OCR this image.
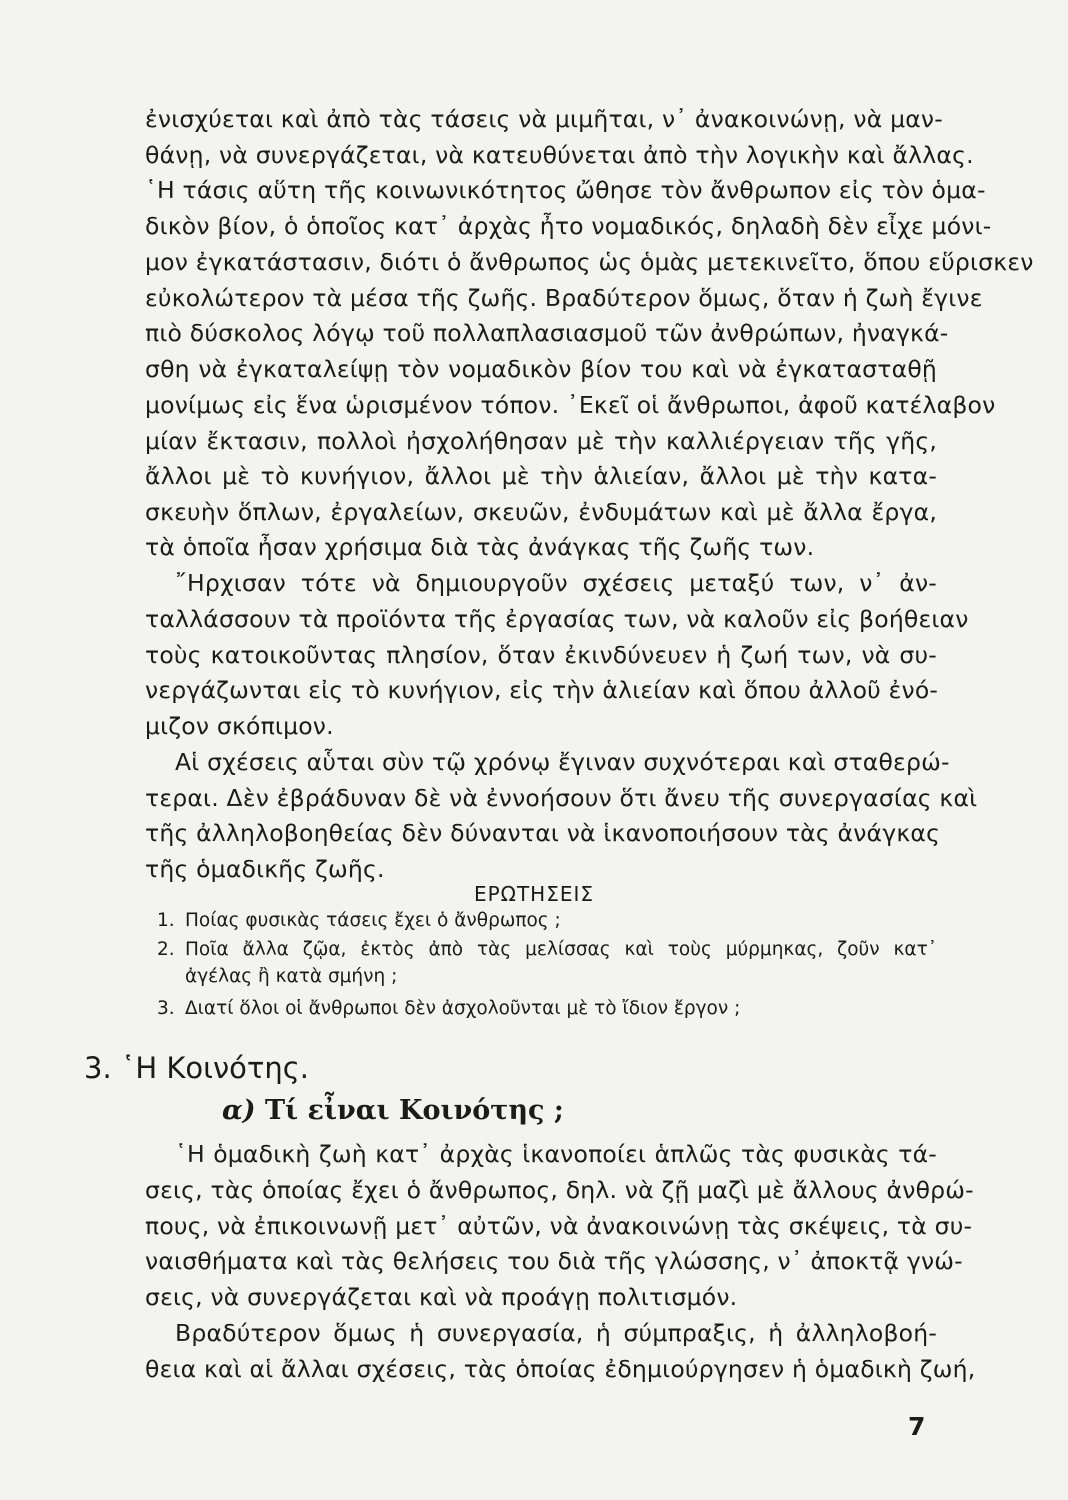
ἐνισχύεται καὶ ἀπὸ τὰς τάσεις νὰ μιμῆται, ν᾽ ἀνακοινώνῃ, νὰ μαν-
θάνῃ, νὰ συνεργάζεται, νὰ κατευθύνεται ἀπὸ τὴν λογικὴν καὶ ἄλλας.
῾Η τάσις αὕτη τῆς κοινωνικότητος ὤθησε τὸν ἄνθρωπον εἰς τὸν ὁμα-
δικὸν βίον, ὁ ὁποῖος κατ᾽ ἀρχὰς ἦτο νομαδικός, δηλαδὴ δὲν εἶχε μόνι-
μον ἐγκατάστασιν, διότι ὁ ἄνθρωπος ὡς ὁμὰς μετεκινεῖτο, ὅπου εὕρισκεν
εὐκολώτερον τὰ μέσα τῆς ζωῆς. Βραδύτερον ὅμως, ὅταν ἡ ζωὴ ἔγινε
πιὸ δύσκολος λόγῳ τοῦ πολλαπλασιασμοῦ τῶν ἀνθρώπων, ἠναγκά-
σθη νὰ ἐγκαταλείψῃ τὸν νομαδικὸν βίον του καὶ νὰ ἐγκατασταθῇ
μονίμως εἰς ἕνα ὡρισμένον τόπον. ᾽Εκεῖ οἱ ἄνθρωποι, ἀφοῦ κατέλαβον
μίαν ἔκτασιν, πολλοὶ ἠσχολήθησαν μὲ τὴν καλλιέργειαν τῆς γῆς,
ἄλλοι μὲ τὸ κυνήγιον, ἄλλοι μὲ τὴν ἁλιείαν, ἄλλοι μὲ τὴν κατα-
σκευὴν ὅπλων, ἐργαλείων, σκευῶν, ἐνδυμάτων καὶ μὲ ἄλλα ἔργα,
τὰ ὁποῖα ἦσαν χρήσιμα διὰ τὰς ἀνάγκας τῆς ζωῆς των.
῎Ηρχισαν τότε νὰ δημιουργοῦν σχέσεις μεταξύ των, ν᾽ ἀν-
ταλλάσσουν τὰ προϊόντα τῆς ἐργασίας των, νὰ καλοῦν εἰς βοήθειαν
τοὺς κατοικοῦντας πλησίον, ὅταν ἐκινδύνευεν ἡ ζωή των, νὰ συ-
νεργάζωνται εἰς τὸ κυνήγιον, εἰς τὴν ἁλιείαν καὶ ὅπου ἀλλοῦ ἐνό-
μιζον σκόπιμον.
Αἱ σχέσεις αὗται σὺν τῷ χρόνῳ ἔγιναν συχνότεραι καὶ σταθερώ-
τεραι. Δὲν ἐβράδυναν δὲ νὰ ἐννοήσουν ὅτι ἄνευ τῆς συνεργασίας καὶ
τῆς ἀλληλοβοηθείας δὲν δύνανται νὰ ἱκανοποιήσουν τὰς ἀνάγκας
τῆς ὁμαδικῆς ζωῆς.
ΕΡΩΤΗΣΕΙΣ
1. Ποίας φυσικὰς τάσεις ἔχει ὁ ἄνθρωπος ;
2. Ποῖα ἄλλα ζῷα, ἐκτὸς ἀπὸ τὰς μελίσσας καὶ τοὺς μύρμηκας, ζοῦν κατ᾽
ἀγέλας ἢ κατὰ σμήνη ;
3. Διατί ὅλοι οἱ ἄνθρωποι δὲν ἀσχολοῦνται μὲ τὸ ἴδιον ἔργον ;
3. ῾Η Κοινότης.
α) Τί εἶναι Κοινότης ;
῾Η ὁμαδικὴ ζωὴ κατ᾽ ἀρχὰς ἱκανοποίει ἁπλῶς τὰς φυσικὰς τά-
σεις, τὰς ὁποίας ἔχει ὁ ἄνθρωπος, δηλ. νὰ ζῇ μαζὶ μὲ ἄλλους ἀνθρώ-
πους, νὰ ἐπικοινωνῇ μετ᾽ αὐτῶν, νὰ ἀνακοινώνῃ τὰς σκέψεις, τὰ συ-
ναισθήματα καὶ τὰς θελήσεις του διὰ τῆς γλώσσης, ν᾽ ἀποκτᾷ γνώ-
σεις, νὰ συνεργάζεται καὶ νὰ προάγῃ πολιτισμόν.
Βραδύτερον ὅμως ἡ συνεργασία, ἡ σύμπραξις, ἡ ἀλληλοβοή-
θεια καὶ αἱ ἄλλαι σχέσεις, τὰς ὁποίας ἐδημιούργησεν ἡ ὁμαδικὴ ζωή,
7
